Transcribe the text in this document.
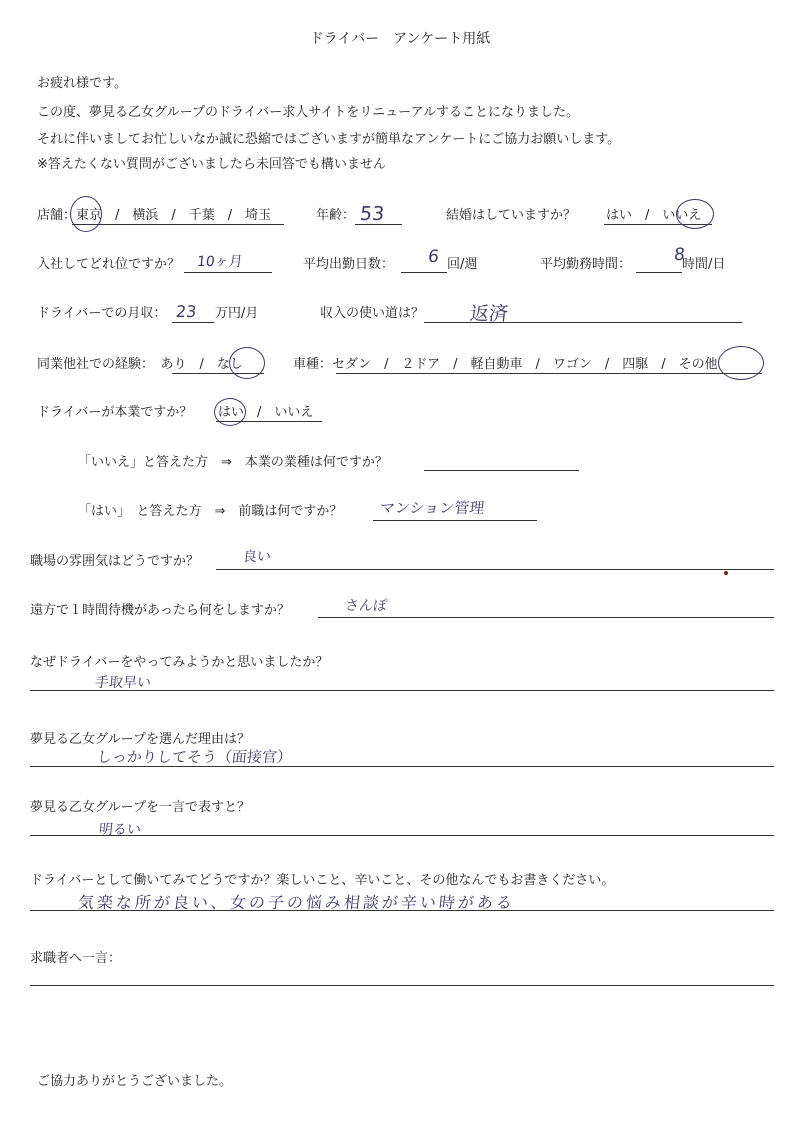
ドライバー　アンケート用紙
お疲れ様です。
この度、夢見る乙女グループのドライバー求人サイトをリニューアルすることになりました。
それに伴いましてお忙しいなか誠に恐縮ではございますが簡単なアンケートにご協力お願いします。
※答えたくない質問がございましたら未回答でも構いません
店舗：東京　/　横浜　/　千葉　/　埼玉	年齢： 53	結婚はしていますか？ はい　/　いいえ
入社してどれ位ですか？ 10ヶ月	平均出勤日数： 6 回/週	平均勤務時間： 8
時間/日
ドライバーでの月収： 23 万円/月	収入の使い道は？ 返済
同業他社での経験：　あり　/　なし	車種：セダン　/　２ドア　/　軽自動車　/　ワゴン　/　四駆　/　その他
ドライバーが本業ですか？ はい　/　いいえ
「いいえ」と答えた方　⇒　本業の業種は何ですか？
「はい」　と答えた方　⇒　前職は何ですか？ マンション管理
職場の雰囲気はどうですか？	良い
遠方で１時間待機があったら何をしますか？	さんぽ
なぜドライバーをやってみようかと思いましたか？
手取早い
夢見る乙女グループを選んだ理由は？
しっかりしてそう（面接官）
夢見る乙女グループを一言で表すと？
明るい
ドライバーとして働いてみてどうですか？楽しいこと、辛いこと、その他なんでもお書きください。
気楽な所が良い、女の子の悩み相談が辛い時がある
求職者へ一言：
ご協力ありがとうございました。
